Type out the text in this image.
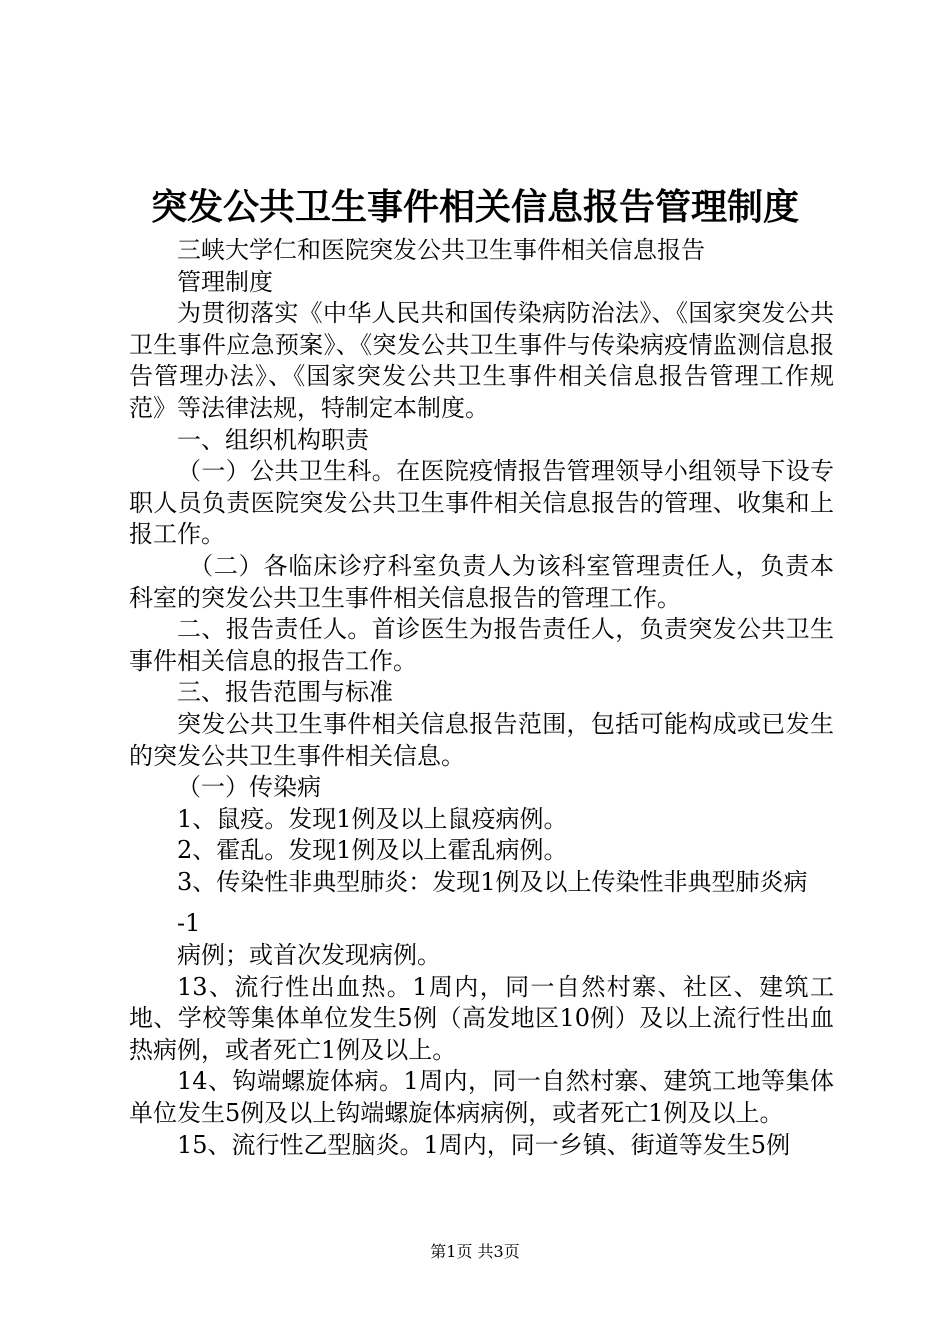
突发公共卫生事件相关信息报告管理制度

三峡大学仁和医院突发公共卫生事件相关信息报告

管理制度

为贯彻落实《中华人民共和国传染病防治法》、《国家突发公共卫生事件应急预案》、《突发公共卫生事件与传染病疫情监测信息报告管理办法》、《国家突发公共卫生事件相关信息报告管理工作规范》等法律法规，特制定本制度。

一、组织机构职责

（一）公共卫生科。在医院疫情报告管理领导小组领导下设专职人员负责医院突发公共卫生事件相关信息报告的管理、收集和上报工作。

（二）各临床诊疗科室负责人为该科室管理责任人，负责本科室的突发公共卫生事件相关信息报告的管理工作。

二、报告责任人。首诊医生为报告责任人，负责突发公共卫生事件相关信息的报告工作。

三、报告范围与标准

突发公共卫生事件相关信息报告范围，包括可能构成或已发生的突发公共卫生事件相关信息。

（一）传染病

1、鼠疫。发现1例及以上鼠疫病例。

2、霍乱。发现1例及以上霍乱病例。

3、传染性非典型肺炎：发现1例及以上传染性非典型肺炎病

-1

病例；或首次发现病例。

13、流行性出血热。1周内，同一自然村寨、社区、建筑工地、学校等集体单位发生5例（高发地区10例）及以上流行性出血热病例，或者死亡1例及以上。

14、钩端螺旋体病。1周内，同一自然村寨、建筑工地等集体单位发生5例及以上钩端螺旋体病病例，或者死亡1例及以上。

15、流行性乙型脑炎。1周内，同一乡镇、街道等发生5例

第1页 共3页
